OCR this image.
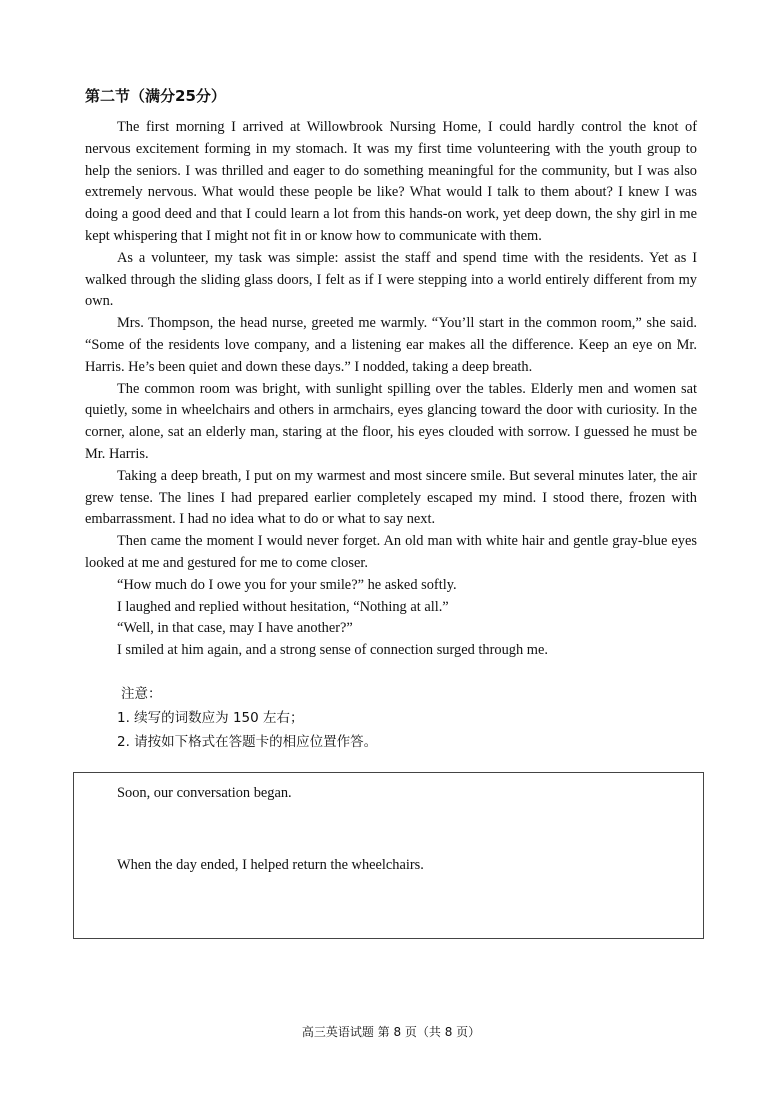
第二节（满分25分）

The first morning I arrived at Willowbrook Nursing Home, I could hardly control the knot of nervous excitement forming in my stomach. It was my first time volunteering with the youth group to help the seniors. I was thrilled and eager to do something meaningful for the community, but I was also extremely nervous. What would these people be like? What would I talk to them about? I knew I was doing a good deed and that I could learn a lot from this hands-on work, yet deep down, the shy girl in me kept whispering that I might not fit in or know how to communicate with them.

As a volunteer, my task was simple: assist the staff and spend time with the residents. Yet as I walked through the sliding glass doors, I felt as if I were stepping into a world entirely different from my own.

Mrs. Thompson, the head nurse, greeted me warmly. “You’ll start in the common room,” she said. “Some of the residents love company, and a listening ear makes all the difference. Keep an eye on Mr. Harris. He’s been quiet and down these days.” I nodded, taking a deep breath.

The common room was bright, with sunlight spilling over the tables. Elderly men and women sat quietly, some in wheelchairs and others in armchairs, eyes glancing toward the door with curiosity. In the corner, alone, sat an elderly man, staring at the floor, his eyes clouded with sorrow. I guessed he must be Mr. Harris.

Taking a deep breath, I put on my warmest and most sincere smile. But several minutes later, the air grew tense. The lines I had prepared earlier completely escaped my mind. I stood there, frozen with embarrassment. I had no idea what to do or what to say next.

Then came the moment I would never forget. An old man with white hair and gentle gray-blue eyes looked at me and gestured for me to come closer.

“How much do I owe you for your smile?” he asked softly.

I laughed and replied without hesitation, “Nothing at all.”

“Well, in that case, may I have another?”

I smiled at him again, and a strong sense of connection surged through me.

注意：
1. 续写的词数应为 150 左右；
2. 请按如下格式在答题卡的相应位置作答。
Soon, our conversation began.
When the day ended, I helped return the wheelchairs.
高三英语试题 第 8 页（共 8 页）
